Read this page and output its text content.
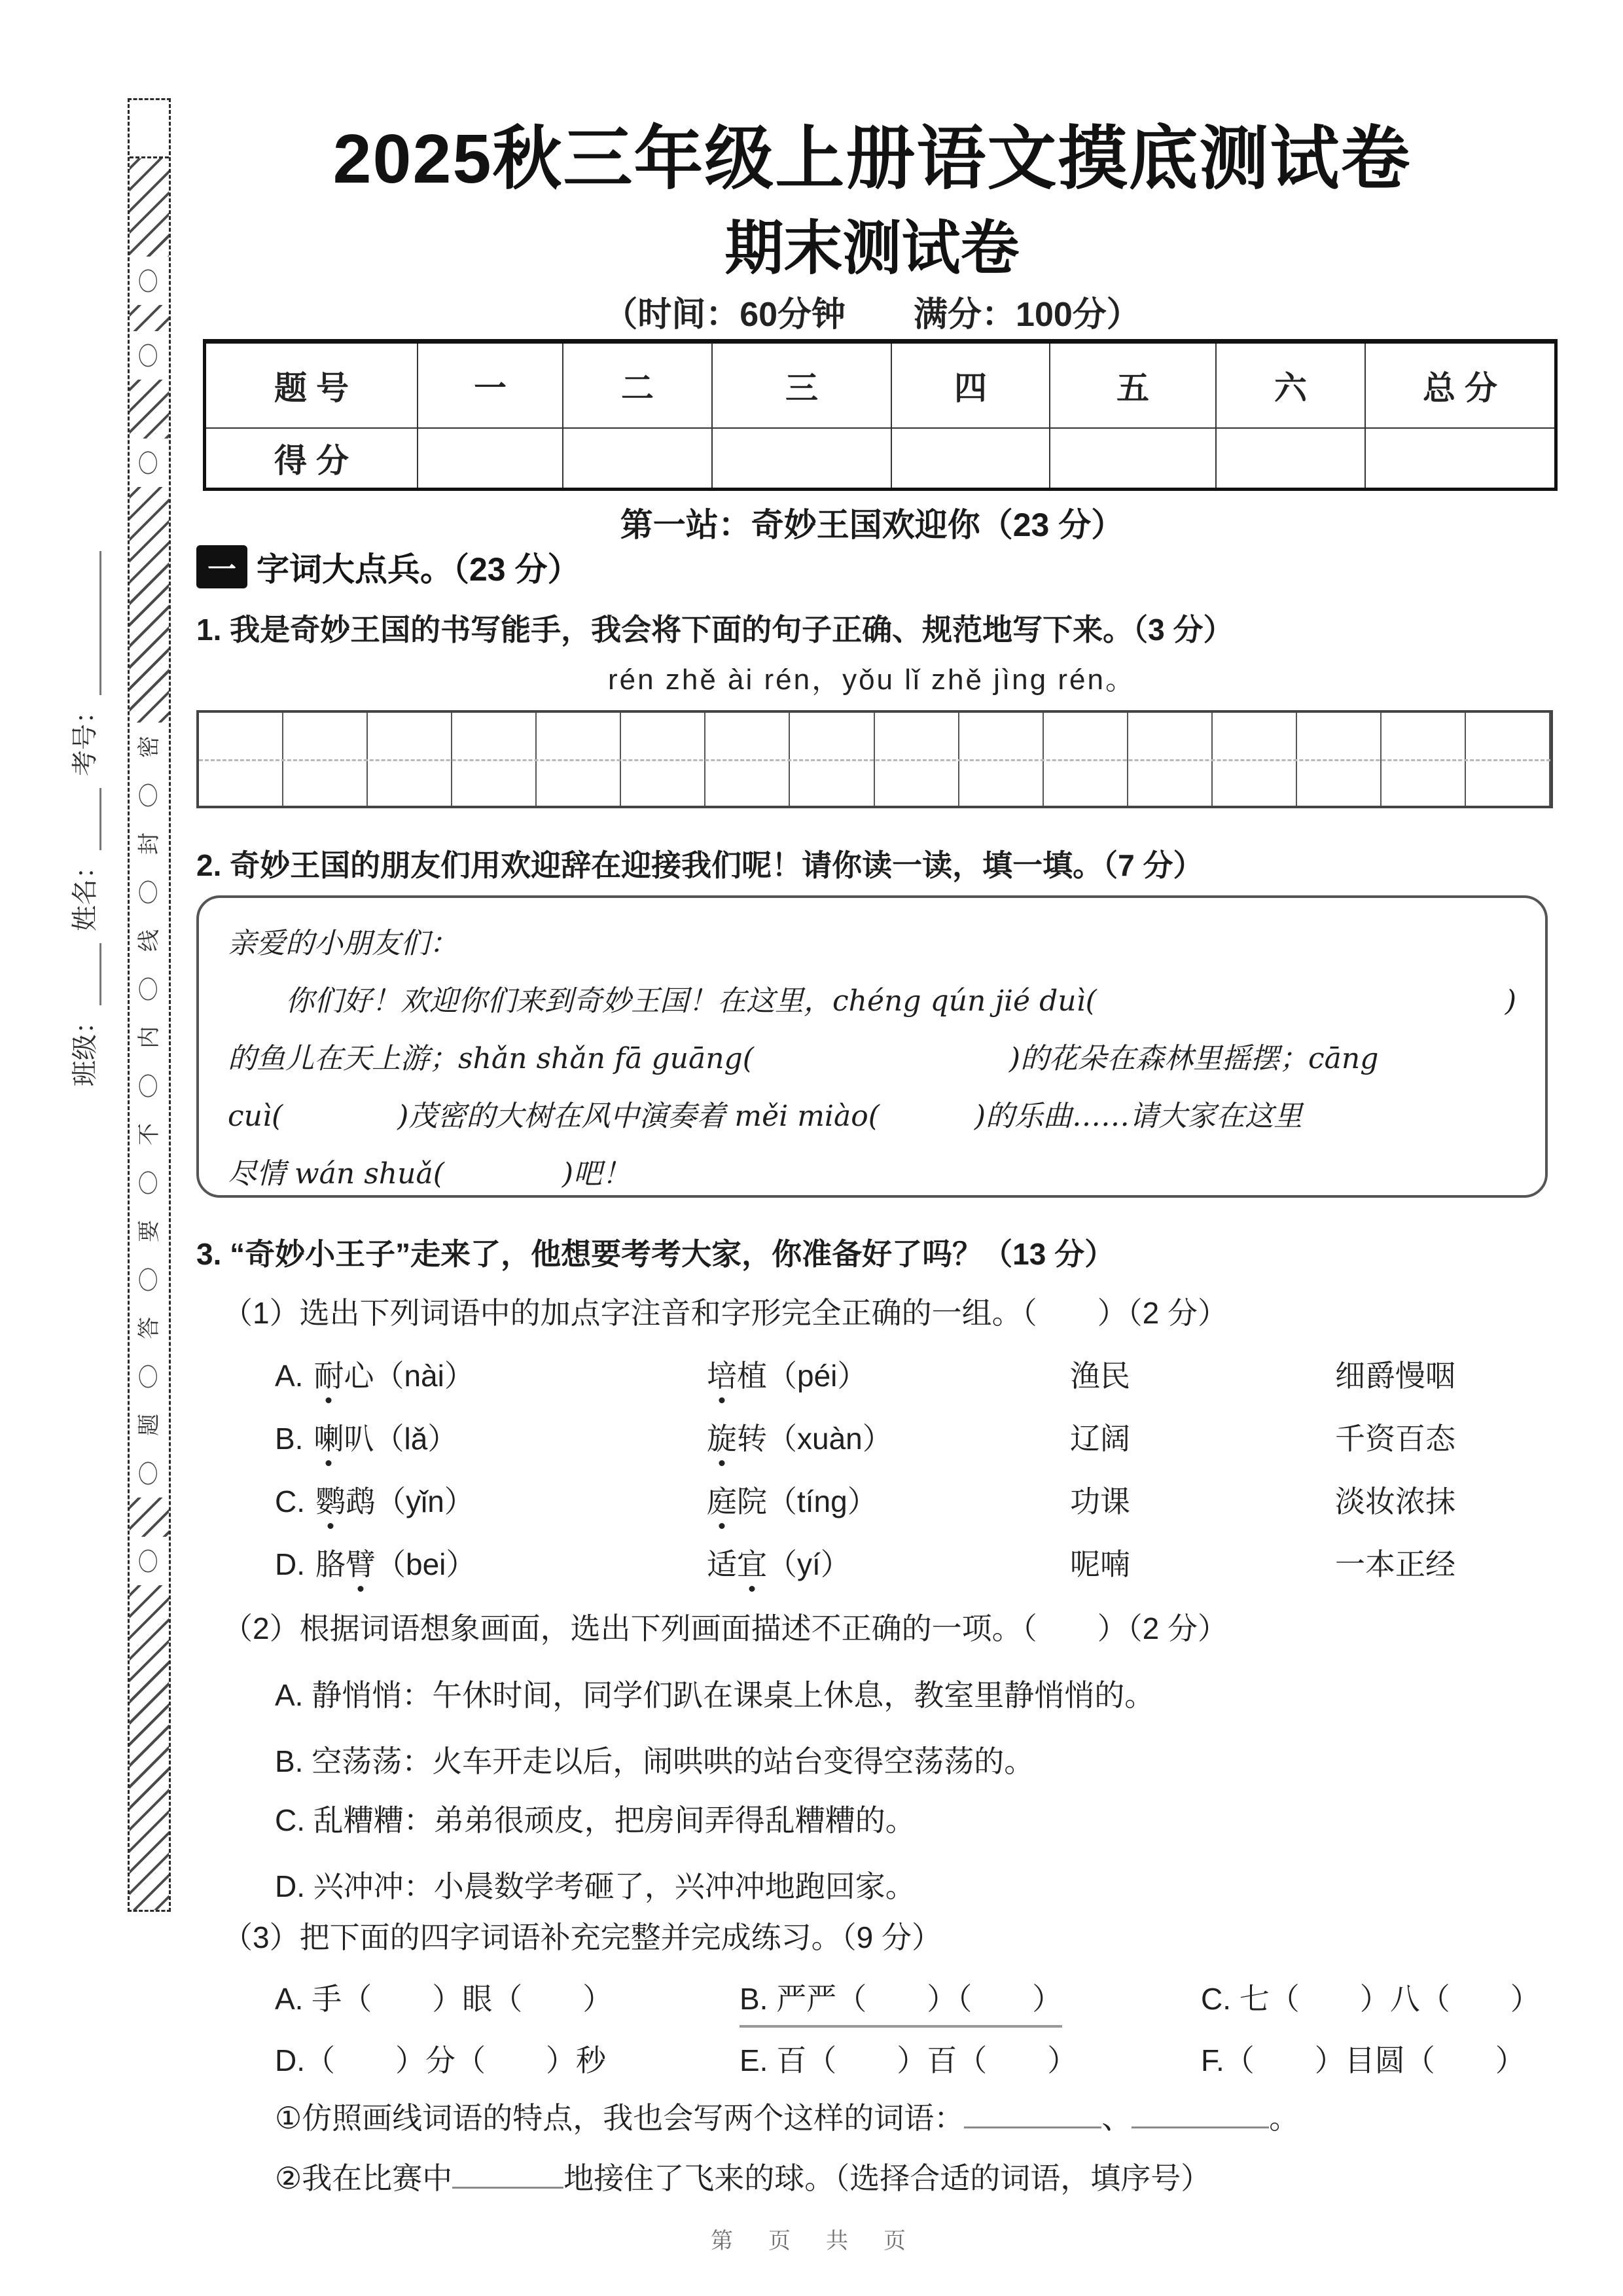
〇
〇
〇
密
〇
封
〇
线
〇
内
〇
不
〇
要
〇
答
〇
题
〇
〇
班级：
姓名：
考号：
2025秋三年级上册语文摸底测试卷
期末测试卷
（时间：60分钟　　满分：100分）
题 号	一	二	三	四	五	六	总 分
得 分							
第一站：奇妙王国欢迎你（23 分）
一 字词大点兵。（23 分）
1. 我是奇妙王国的书写能手，我会将下面的句子正确、规范地写下来。（3 分）
rén zhě ài rén，yǒu lǐ zhě jìng rén。
2. 奇妙王国的朋友们用欢迎辞在迎接我们呢！请你读一读，填一填。（7 分）
亲爱的小朋友们：
你们好！欢迎你们来到奇妙王国！在这里，chéng qún jié duì(	)
的鱼儿在天上游；shǎn shǎn fā guāng(	)的花朵在森林里摇摆；cāng
cuì(	)茂密的大树在风中演奏着 měi miào(	)的乐曲……请大家在这里
尽情 wán shuǎ(	)吧！
3. “奇妙小王子”走来了，他想要考考大家，你准备好了吗？（13 分）
（1）选出下列词语中的加点字注音和字形完全正确的一组。（　　）（2 分）
A. 耐心（nài）	培植（péi）	渔民	细爵慢咽
B. 喇叭（lǎ）	旋转（xuàn）	辽阔	千资百态
C. 鹦鹉（yǐn）	庭院（tíng）	功课	淡妆浓抹
D. 胳臂（bei）	适宜（yí）	呢喃	一本正经
（2）根据词语想象画面，选出下列画面描述不正确的一项。（　　）（2 分）
A. 静悄悄：午休时间，同学们趴在课桌上休息，教室里静悄悄的。
B. 空荡荡：火车开走以后，闹哄哄的站台变得空荡荡的。
C. 乱糟糟：弟弟很顽皮，把房间弄得乱糟糟的。
D. 兴冲冲：小晨数学考砸了，兴冲冲地跑回家。
（3）把下面的四字词语补充完整并完成练习。（9 分）
A. 手（　　）眼（　　）	B. 严严（　　）（　　）	C. 七（　　）八（　　）
D.（　　）分（　　）秒	E. 百（　　）百（　　）	F.（　　）目圆（　　）
①仿照画线词语的特点，我也会写两个这样的词语：	、	。
②我在比赛中	地接住了飞来的球。（选择合适的词语，填序号）
第　页　共　页
